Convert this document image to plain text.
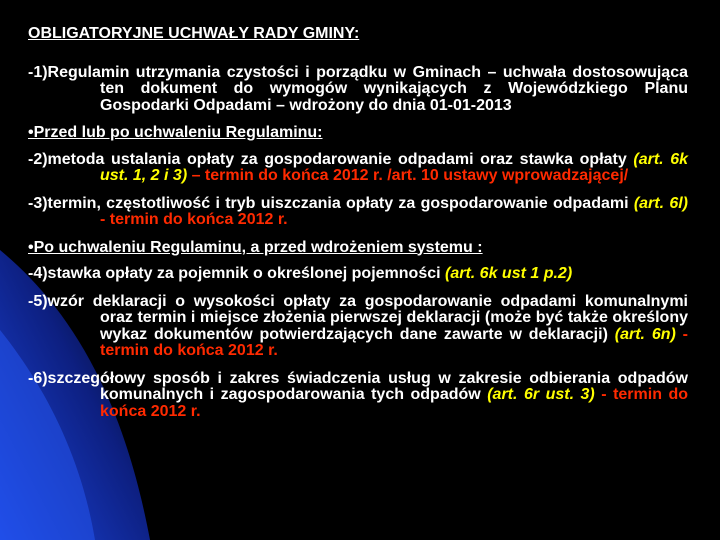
OBLIGATORYJNE UCHWAŁY RADY GMINY:
-1)Regulamin utrzymania czystości i porządku w Gminach – uchwała dostosowująca ten dokument do wymogów wynikających z Wojewódzkiego Planu Gospodarki Odpadami – wdrożony do dnia 01-01-2013
•Przed lub po uchwaleniu Regulaminu:
-2)metoda ustalania opłaty za gospodarowanie odpadami oraz stawka opłaty (art. 6k ust. 1, 2 i 3) – termin do końca 2012 r. /art. 10 ustawy wprowadzającej/
-3)termin, częstotliwość i tryb uiszczania opłaty za gospodarowanie odpadami (art. 6l) - termin do końca 2012 r.
•Po uchwaleniu Regulaminu, a przed wdrożeniem systemu :
-4)stawka opłaty za pojemnik o określonej pojemności (art. 6k ust 1 p.2)
-5)wzór deklaracji o wysokości opłaty za gospodarowanie odpadami komunalnymi oraz termin i miejsce złożenia pierwszej deklaracji (może być także określony wykaz dokumentów potwierdzających dane zawarte w deklaracji) (art. 6n) - termin do końca 2012 r.
-6)szczegółowy sposób i zakres świadczenia usług w zakresie odbierania odpadów komunalnych i zagospodarowania tych odpadów (art. 6r ust. 3) - termin do końca 2012 r.
